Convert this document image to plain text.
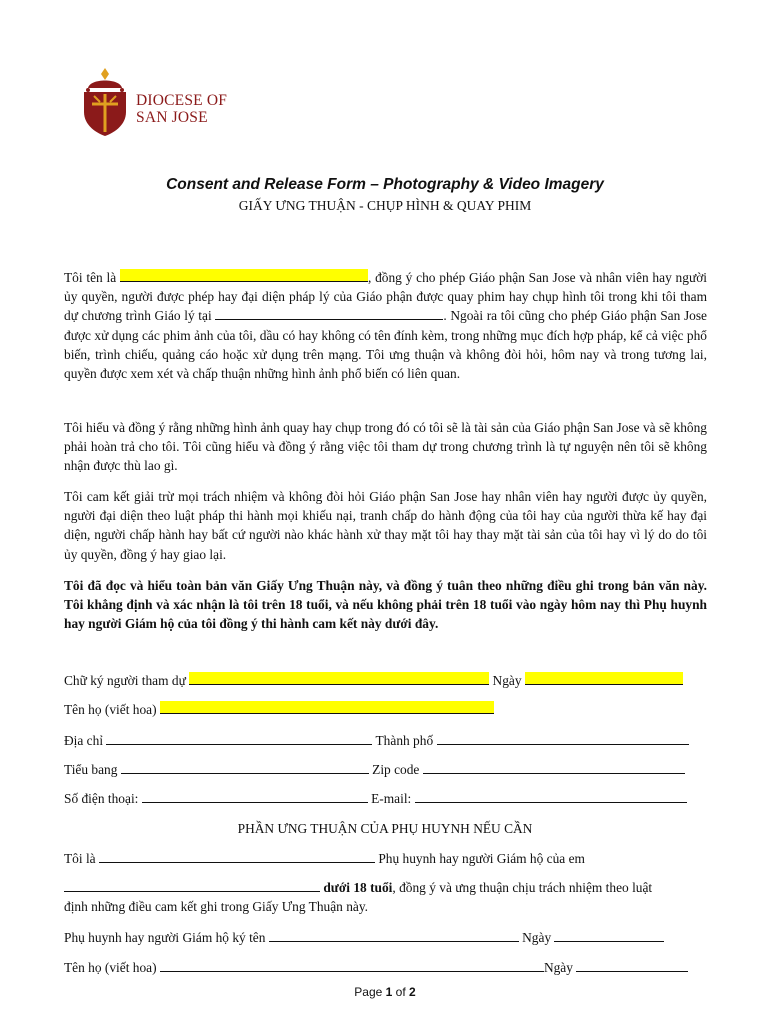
DIOCESE OF
SAN JOSE
Consent and Release Form – Photography & Video Imagery
GIẤY ƯNG THUẬN - CHỤP HÌNH & QUAY PHIM
Tôi tên là	, đồng ý cho phép Giáo phận San Jose và nhân viên hay người ủy quyền, người được phép hay đại diện pháp lý của Giáo phận được quay phim hay chụp hình tôi trong khi tôi tham dự chương trình Giáo lý tại	. Ngoài ra tôi cũng cho phép Giáo phận San Jose được xử dụng các phim ảnh của tôi, dầu có hay không có tên đính kèm, trong những mục đích hợp pháp, kể cả việc phổ biến, trình chiếu, quảng cáo hoặc xử dụng trên mạng. Tôi ưng thuận và không đòi hỏi, hôm nay và trong tương lai, quyền được xem xét và chấp thuận những hình ảnh phổ biến có liên quan.
Tôi hiểu và đồng ý rằng những hình ảnh quay hay chụp trong đó có tôi sẽ là tài sản của Giáo phận San Jose và sẽ không phải hoàn trả cho tôi. Tôi cũng hiểu và đồng ý rằng việc tôi tham dự trong chương trình là tự nguyện nên tôi sẽ không nhận được thù lao gì.
Tôi cam kết giải trừ mọi trách nhiệm và không đòi hỏi Giáo phận San Jose hay nhân viên hay người được ủy quyền, người đại diện theo luật pháp thi hành mọi khiếu nại, tranh chấp do hành động của tôi hay của người thừa kế hay đại diện, người chấp hành hay bất cứ người nào khác hành xử thay mặt tôi hay thay mặt tài sản của tôi hay vì lý do do tôi ủy quyền, đồng ý hay giao lại.
Tôi đã đọc và hiểu toàn bản văn Giấy Ưng Thuận này, và đồng ý tuân theo những điều ghi trong bản văn này. Tôi khẳng định và xác nhận là tôi trên 18 tuổi, và nếu không phải trên 18 tuổi vào ngày hôm nay thì Phụ huynh hay người Giám hộ của tôi đồng ý thi hành cam kết này dưới đây.
Chữ ký người tham dự	Ngày
Tên họ (viết hoa)
Địa chỉ	Thành phố
Tiểu bang	Zip code
Số điện thoại:	E-mail:
PHẦN ƯNG THUẬN CỦA PHỤ HUYNH NẾU CẦN
Tôi là	Phụ huynh hay người Giám hộ của em
dưới 18 tuổi, đồng ý và ưng thuận chịu trách nhiệm theo luật
định những điều cam kết ghi trong Giấy Ưng Thuận này.
Phụ huynh hay người Giám hộ ký tên	Ngày
Tên họ (viết hoa)	Ngày
Page 1 of 2
